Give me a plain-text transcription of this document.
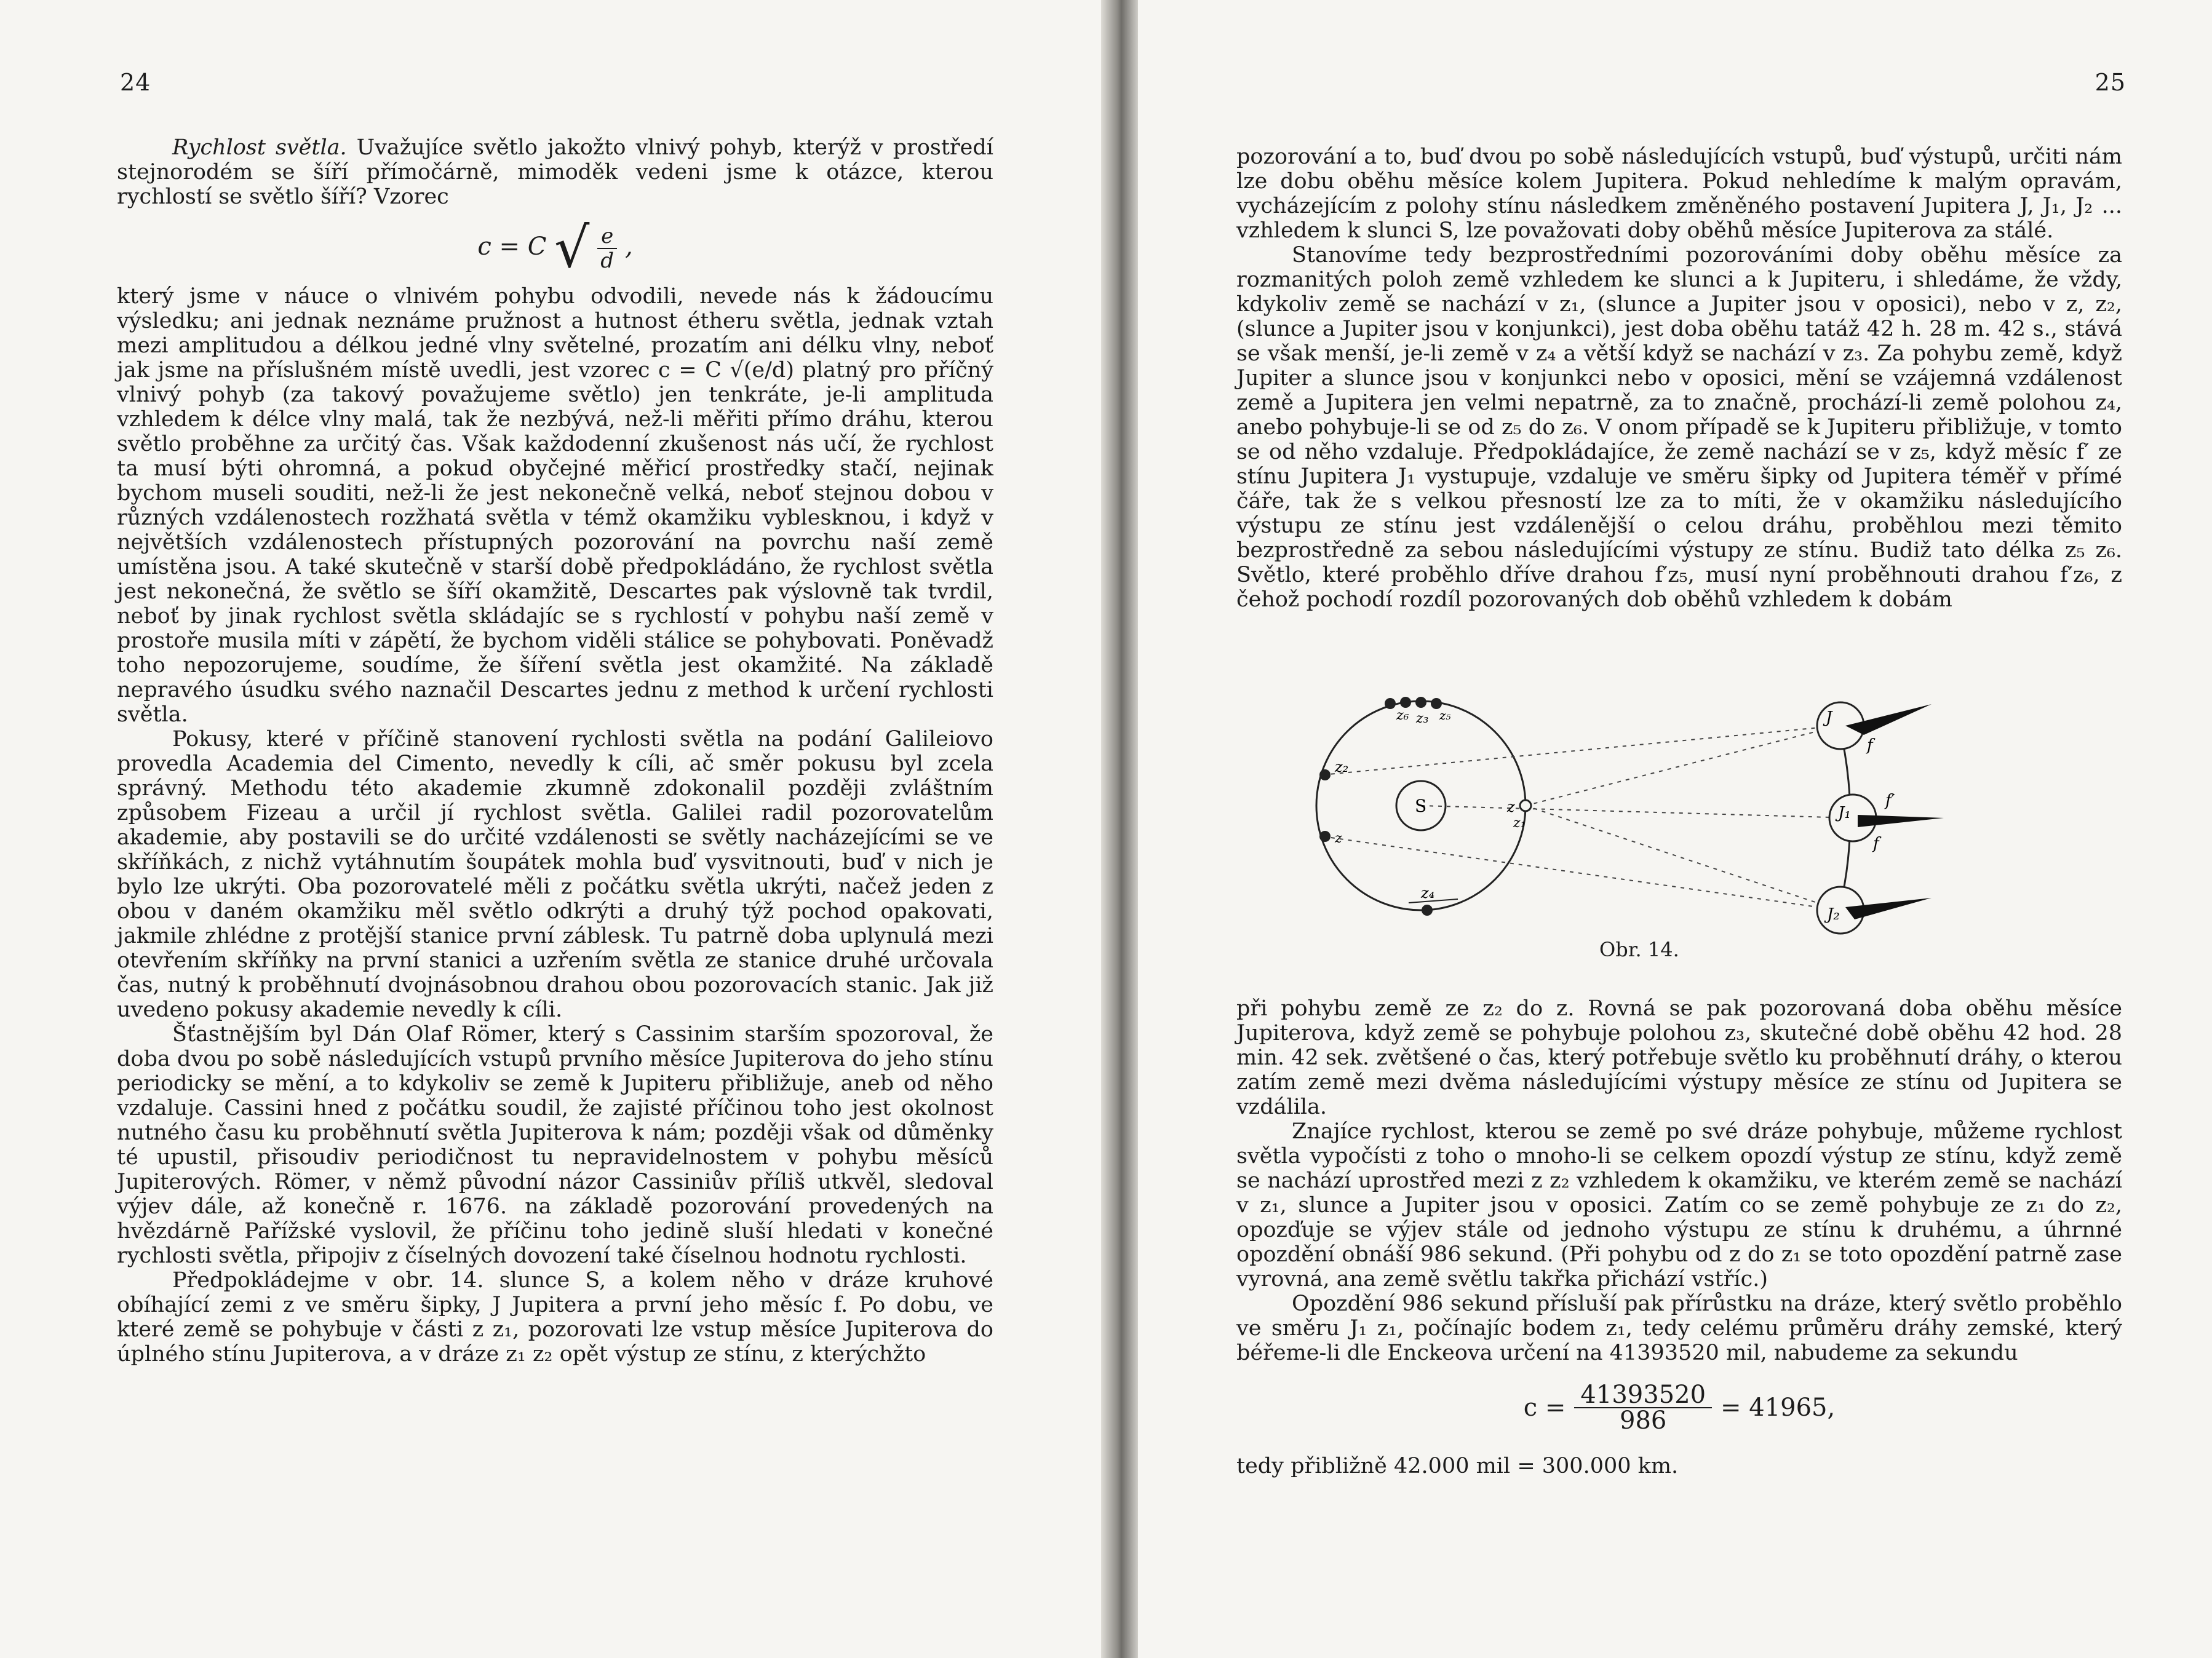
24

Rychlost světla. Uvažujíce světlo jakožto vlnivý pohyb, kterýž v prostředí stejnorodém se šíří přímočárně, mimoděk vedeni jsme k otázce, kterou rychlostí se světlo šíří? Vzorec

c = C √ $\frac{e}{d}$ ,

který jsme v náuce o vlnivém pohybu odvodili, nevede nás k žádoucímu výsledku; ani jednak neznáme pružnost a hutnost étheru světla, jednak vztah mezi amplitudou a délkou jedné vlny světelné, prozatím ani délku vlny, neboť jak jsme na příslušném místě uvedli, jest vzorec c = C √(e/d) platný pro příčný vlnivý pohyb (za takový považujeme světlo) jen tenkráte, je-li amplituda vzhledem k délce vlny malá, tak že nezbývá, než-li měřiti přímo dráhu, kterou světlo proběhne za určitý čas. Však každodenní zkušenost nás učí, že rychlost ta musí býti ohromná, a pokud obyčejné měřicí prostředky stačí, nejinak bychom museli souditi, než-li že jest nekonečně velká, neboť stejnou dobou v různých vzdálenostech rozžhatá světla v témž okamžiku vyblesknou, i když v největších vzdálenostech přístupných pozorování na povrchu naší země umístěna jsou. A také skutečně v starší době předpokládáno, že rychlost světla jest nekonečná, že světlo se šíří okamžitě, Descartes pak výslovně tak tvrdil, neboť by jinak rychlost světla skládajíc se s rychlostí v pohybu naší země v prostoře musila míti v zápětí, že bychom viděli stálice se pohybovati. Poněvadž toho nepozorujeme, soudíme, že šíření světla jest okamžité. Na základě nepravého úsudku svého naznačil Descartes jednu z method k určení rychlosti světla.

Pokusy, které v příčině stanovení rychlosti světla na podání Galileiovo provedla Academia del Cimento, nevedly k cíli, ač směr pokusu byl zcela správný. Methodu této akademie zkumně zdokonalil později zvláštním způsobem Fizeau a určil jí rychlost světla. Galilei radil pozorovatelům akademie, aby postavili se do určité vzdálenosti se světly nacházejícími se ve skříňkách, z nichž vytáhnutím šoupátek mohla buď vysvitnouti, buď v nich je bylo lze ukrýti. Oba pozorovatelé měli z počátku světla ukrýti, načež jeden z obou v daném okamžiku měl světlo odkrýti a druhý týž pochod opakovati, jakmile zhlédne z protější stanice první záblesk. Tu patrně doba uplynulá mezi otevřením skříňky na první stanici a uzřením světla ze stanice druhé určovala čas, nutný k proběhnutí dvojnásobnou drahou obou pozorovacích stanic. Jak již uvedeno pokusy akademie nevedly k cíli.

Šťastnějším byl Dán Olaf Römer, který s Cassinim starším spozoroval, že doba dvou po sobě následujících vstupů prvního měsíce Jupiterova do jeho stínu periodicky se mění, a to kdykoliv se země k Jupiteru přibližuje, aneb od něho vzdaluje. Cassini hned z počátku soudil, že zajisté příčinou toho jest okolnost nutného času ku proběhnutí světla Jupiterova k nám; později však od důměnky té upustil, přisoudiv periodičnost tu nepravidelnostem v pohybu měsíců Jupiterových. Römer, v němž původní názor Cassiniův příliš utkvěl, sledoval výjev dále, až konečně r. 1676. na základě pozorování provedených na hvězdárně Pařížské vyslovil, že příčinu toho jedině sluší hledati v konečné rychlosti světla, připojiv z číselných dovození také číselnou hodnotu rychlosti.

Předpokládejme v obr. 14. slunce S, a kolem něho v dráze kruhové obíhající zemi z ve směru šipky, J Jupitera a první jeho měsíc f. Po dobu, ve které země se pohybuje v části z z₁, pozorovati lze vstup měsíce Jupiterova do úplného stínu Jupiterova, a v dráze z₁ z₂ opět výstup ze stínu, z kterýchžto

25

pozorování a to, buď dvou po sobě následujících vstupů, buď výstupů, určiti nám lze dobu oběhu měsíce kolem Jupitera. Pokud nehledíme k malým opravám, vycházejícím z polohy stínu následkem změněného postavení Jupitera J, J₁, J₂ ... vzhledem k slunci S, lze považovati doby oběhů měsíce Jupiterova za stálé.

Stanovíme tedy bezprostředními pozorováními doby oběhu měsíce za rozmanitých poloh země vzhledem ke slunci a k Jupiteru, i shledáme, že vždy, kdykoliv země se nachází v z₁, (slunce a Jupiter jsou v oposici), nebo v z, z₂, (slunce a Jupiter jsou v konjunkci), jest doba oběhu tatáž 42 h. 28 m. 42 s., stává se však menší, je-li země v z₄ a větší když se nachází v z₃. Za pohybu země, když Jupiter a slunce jsou v konjunkci nebo v oposici, mění se vzájemná vzdálenost země a Jupitera jen velmi nepatrně, za to značně, prochází-li země polohou z₄, anebo pohybuje-li se od z₅ do z₆. V onom případě se k Jupiteru přibližuje, v tomto se od něho vzdaluje. Předpokládajíce, že země nachází se v z₅, když měsíc f′ ze stínu Jupitera J₁ vystupuje, vzdaluje ve směru šipky od Jupitera téměř v přímé čáře, tak že s velkou přesností lze za to míti, že v okamžiku následujícího výstupu ze stínu jest vzdálenější o celou dráhu, proběhlou mezi těmito bezprostředně za sebou následujícími výstupy ze stínu. Budiž tato délka z₅ z₆. Světlo, které proběhlo dříve drahou f′z₅, musí nyní proběhnouti drahou f′z₆, z čehož pochodí rozdíl pozorovaných dob oběhů vzhledem k dobám

S	z
z₁
z₂
z
z₆ z₃ z₅
z₄
J
J₁
J₂
f
f′
f
Obr. 14.

při pohybu země ze z₂ do z. Rovná se pak pozorovaná doba oběhu měsíce Jupiterova, když země se pohybuje polohou z₃, skutečné době oběhu 42 hod. 28 min. 42 sek. zvětšené o čas, který potřebuje světlo ku proběhnutí dráhy, o kterou zatím země mezi dvěma následujícími výstupy měsíce ze stínu od Jupitera se vzdálila.

Znajíce rychlost, kterou se země po své dráze pohybuje, můžeme rychlost světla vypočísti z toho o mnoho-li se celkem opozdí výstup ze stínu, když země se nachází uprostřed mezi z z₂ vzhledem k okamžiku, ve kterém země se nachází v z₁, slunce a Jupiter jsou v oposici. Zatím co se země pohybuje ze z₁ do z₂, opozďuje se výjev stále od jednoho výstupu ze stínu k druhému, a úhrnné opozdění obnáší 986 sekund. (Při pohybu od z do z₁ se toto opozdění patrně zase vyrovná, ana země světlu takřka přichází vstříc.)

Opozdění 986 sekund přísluší pak přírůstku na dráze, který světlo proběhlo ve směru J₁ z₁, počínajíc bodem z₁, tedy celému průměru dráhy zemské, který béřeme-li dle Enckeova určení na 41393520 mil, nabudeme za sekundu

$c = \frac{41393520}{986} = 41965$,

tedy přibližně 42.000 mil = 300.000 km.
